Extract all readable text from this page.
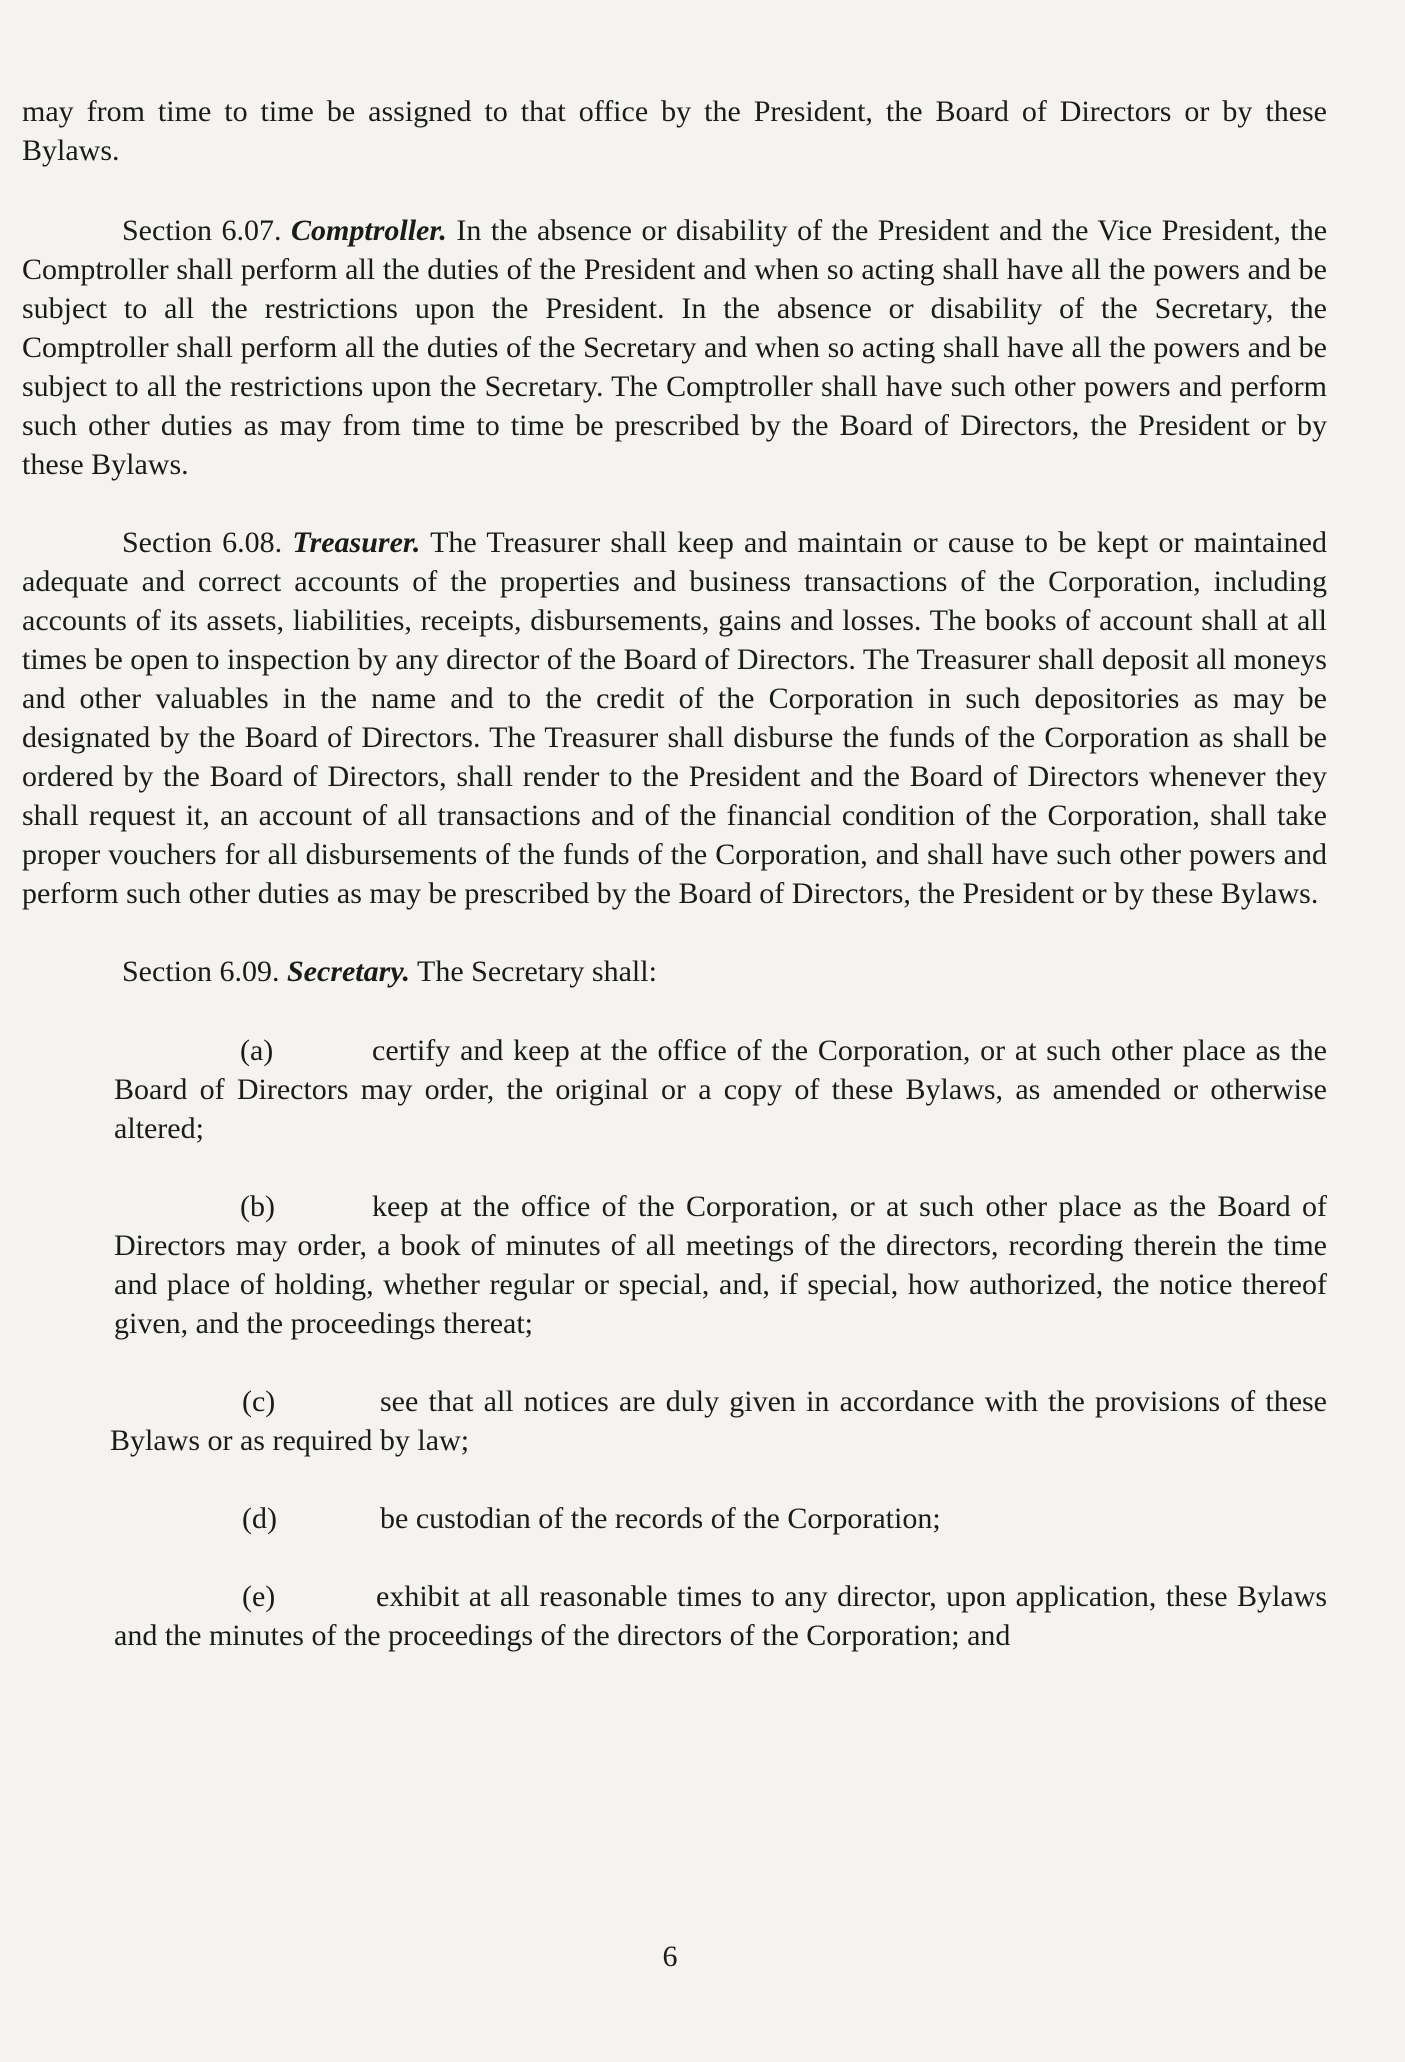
may from time to time be assigned to that office by the President, the Board of Directors or by these Bylaws.

Section 6.07. Comptroller. In the absence or disability of the President and the Vice President, the Comptroller shall perform all the duties of the President and when so acting shall have all the powers and be subject to all the restrictions upon the President. In the absence or disability of the Secretary, the Comptroller shall perform all the duties of the Secretary and when so acting shall have all the powers and be subject to all the restrictions upon the Secretary. The Comptroller shall have such other powers and perform such other duties as may from time to time be prescribed by the Board of Directors, the President or by these Bylaws.

Section 6.08. Treasurer. The Treasurer shall keep and maintain or cause to be kept or maintained adequate and correct accounts of the properties and business transactions of the Corporation, including accounts of its assets, liabilities, receipts, disbursements, gains and losses. The books of account shall at all times be open to inspection by any director of the Board of Directors. The Treasurer shall deposit all moneys and other valuables in the name and to the credit of the Corporation in such depositories as may be designated by the Board of Directors. The Treasurer shall disburse the funds of the Corporation as shall be ordered by the Board of Directors, shall render to the President and the Board of Directors whenever they shall request it, an account of all transactions and of the financial condition of the Corporation, shall take proper vouchers for all disbursements of the funds of the Corporation, and shall have such other powers and perform such other duties as may be prescribed by the Board of Directors, the President or by these Bylaws.

Section 6.09. Secretary. The Secretary shall:

(a)	certify and keep at the office of the Corporation, or at such other place as the Board of Directors may order, the original or a copy of these Bylaws, as amended or otherwise altered;

(b)	keep at the office of the Corporation, or at such other place as the Board of Directors may order, a book of minutes of all meetings of the directors, recording therein the time and place of holding, whether regular or special, and, if special, how authorized, the notice thereof given, and the proceedings thereat;

(c)	see that all notices are duly given in accordance with the provisions of these Bylaws or as required by law;

(d)	be custodian of the records of the Corporation;

(e)	exhibit at all reasonable times to any director, upon application, these Bylaws and the minutes of the proceedings of the directors of the Corporation; and

6
